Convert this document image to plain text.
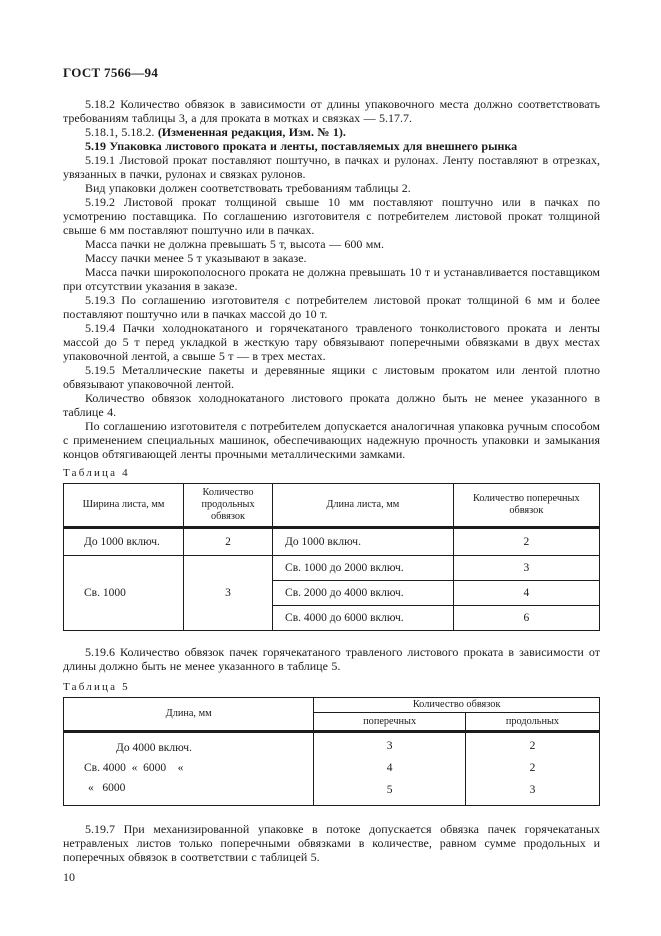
ГОСТ 7566—94

5.18.2 Количество обвязок в зависимости от длины упаковочного места должно соответствовать требованиям таблицы 3, а для проката в мотках и связках — 5.17.7.

5.18.1, 5.18.2. (Измененная редакция, Изм. № 1).

5.19 Упаковка листового проката и ленты, поставляемых для внешнего рынка

5.19.1 Листовой прокат поставляют поштучно, в пачках и рулонах. Ленту поставляют в отрезках, увязанных в пачки, рулонах и связках рулонов.

Вид упаковки должен соответствовать требованиям таблицы 2.

5.19.2 Листовой прокат толщиной свыше 10 мм поставляют поштучно или в пачках по усмотрению поставщика. По соглашению изготовителя с потребителем листовой прокат толщиной свыше 6 мм поставляют поштучно или в пачках.

Масса пачки не должна превышать 5 т, высота — 600 мм.

Массу пачки менее 5 т указывают в заказе.

Масса пачки широкополосного проката не должна превышать 10 т и устанавливается поставщиком при отсутствии указания в заказе.

5.19.3 По соглашению изготовителя с потребителем листовой прокат толщиной 6 мм и более поставляют поштучно или в пачках массой до 10 т.

5.19.4 Пачки холоднокатаного и горячекатаного травленого тонколистового проката и ленты массой до 5 т перед укладкой в жесткую тару обвязывают поперечными обвязками в двух местах упаковочной лентой, а свыше 5 т — в трех местах.

5.19.5 Металлические пакеты и деревянные ящики с листовым прокатом или лентой плотно обвязывают упаковочной лентой.

Количество обвязок холоднокатаного листового проката должно быть не менее указанного в таблице 4.

По соглашению изготовителя с потребителем допускается аналогичная упаковка ручным способом с применением специальных машинок, обеспечивающих надежную прочность упаковки и замыкания концов обтягивающей ленты прочными металлическими замками.

Таблица 4
Ширина листа, мм	Количество продольных обвязок	Длина листа, мм	Количество поперечных обвязок
До 1000 включ.	2	До 1000 включ.	2
Св. 1000	3	Св. 1000 до 2000 включ.	3
		Св. 2000 до 4000 включ.	4
		Св. 4000 до 6000 включ.	6

5.19.6 Количество обвязок пачек горячекатаного травленого листового проката в зависимости от длины должно быть не менее указанного в таблице 5.

Таблица 5
Длина, мм	Количество обвязок	
	поперечных	продольных
До 4000 включ.	3	2
Св. 4000  «  6000    «	4	2
«   6000	5	3

5.19.7 При механизированной упаковке в потоке допускается обвязка пачек горячекатаных нетравленых листов только поперечными обвязками в количестве, равном сумме продольных и поперечных обвязок в соответствии с таблицей 5.

10
